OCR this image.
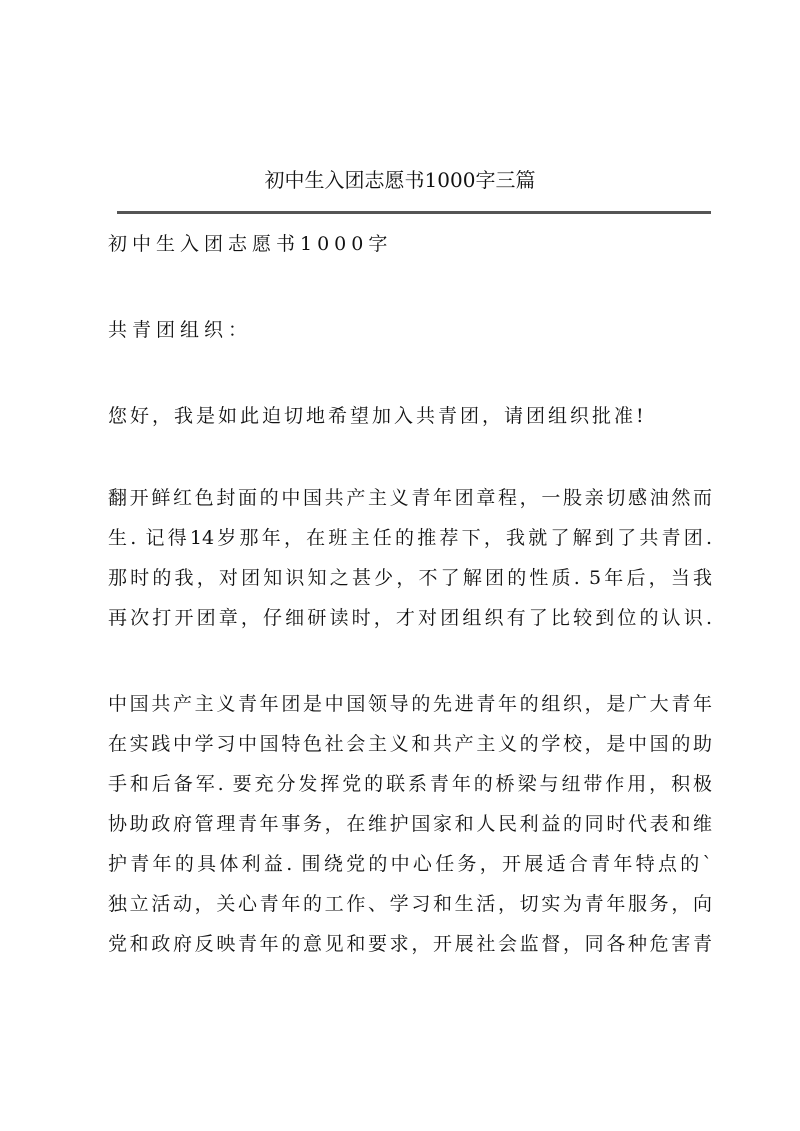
初中生入团志愿书1000字三篇
初中生入团志愿书1000字
共青团组织：
您好，我是如此迫切地希望加入共青团，请团组织批准!
翻开鲜红色封面的中国共产主义青年团章程，一股亲切感油然而
生. 记得14岁那年，在班主任的推荐下，我就了解到了共青团.
那时的我，对团知识知之甚少，不了解团的性质. 5年后，当我
再次打开团章，仔细研读时，才对团组织有了比较到位的认识.
中国共产主义青年团是中国领导的先进青年的组织，是广大青年
在实践中学习中国特色社会主义和共产主义的学校，是中国的助
手和后备军. 要充分发挥党的联系青年的桥梁与纽带作用，积极
协助政府管理青年事务，在维护国家和人民利益的同时代表和维
护青年的具体利益. 围绕党的中心任务，开展适合青年特点的`
独立活动，关心青年的工作、学习和生活，切实为青年服务，向
党和政府反映青年的意见和要求，开展社会监督，同各种危害青
